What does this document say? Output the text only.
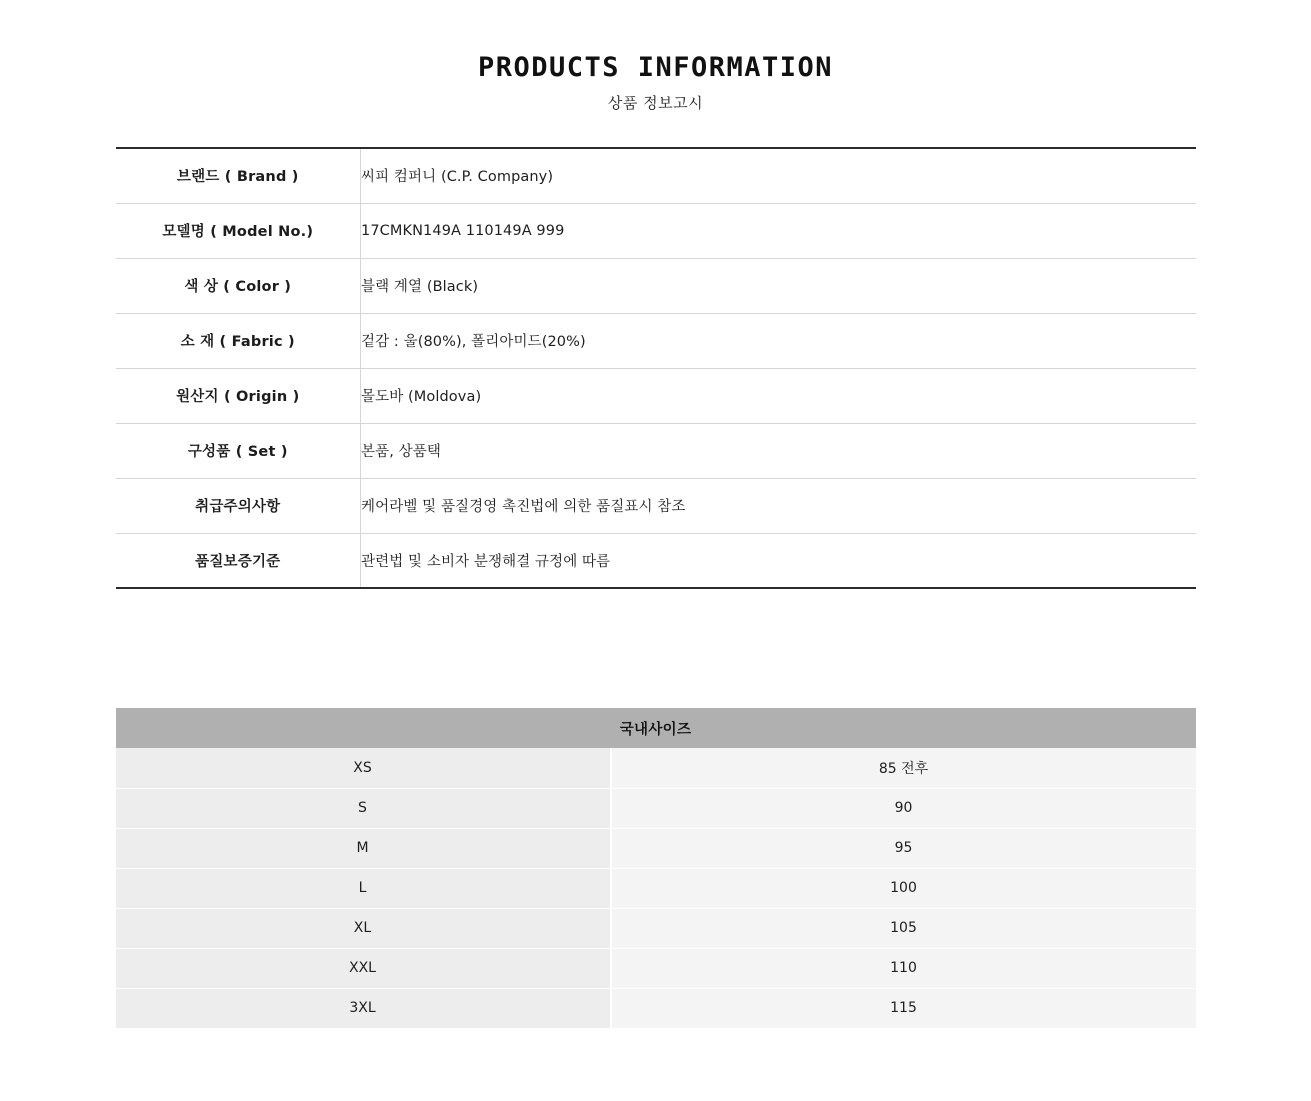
PRODUCTS INFORMATION
상품 정보고시
브랜드 ( Brand )	씨피 컴퍼니 (C.P. Company)
모델명 ( Model No.)	17CMKN149A 110149A 999
색 상 ( Color )	블랙 계열 (Black)
소 재 ( Fabric )	겉감 : 울(80%), 폴리아미드(20%)
원산지 ( Origin )	몰도바 (Moldova)
구성품 ( Set )	본품, 상품택
취급주의사항	케어라벨 및 품질경영 촉진법에 의한 품질표시 참조
품질보증기준	관련법 및 소비자 분쟁해결 규정에 따름
국내사이즈	
XS	85 전후
S	90
M	95
L	100
XL	105
XXL	110
3XL	115
